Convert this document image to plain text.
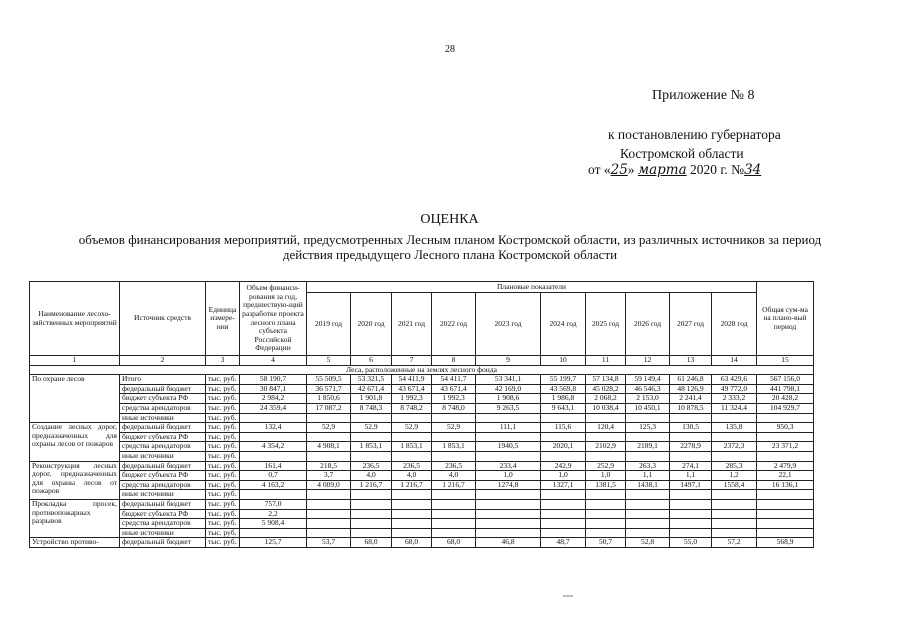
28
Приложение № 8
к постановлению губернатора
Костромской области
от «25» марта 2020 г. №34
ОЦЕНКА
объемов финансирования мероприятий, предусмотренных Лесным планом Костромской области, из различных источников за период действия предыдущего Лесного плана Костромской области
Наименование лесохо-зяйственных мероприятий	Источник средств	Единица измере-ния	Объем финанси-рования за год, предшествую-щий разработке проекта лесного плана субъекта Российской Федерации	Плановые показатели										Общая сум-ма на плано-вый период
				2019 год	2020 год	2021 год	2022 год	2023 год	2024 год	2025 год	2026 год	2027 год	2028 год	
1	2	3	4	5	6	7	8	9	10	11	12	13	14	15
Леса, расположенные на землях лесного фонда														
По охране лесов	Итого	тыс. руб.	58 190,7	55 509,5	53 321,5	54 411,9	54 411,7	53 341,1	55 199,7	57 134,8	59 149,4	61 246,8	63 429,6	567 156,0
	федеральный бюджет	тыс. руб.	30 847,1	36 571,7	42 671,4	43 671,4	43 671,4	42 169,0	43 569,8	45 028,2	46 546,3	48 126,9	49 772,0	441 798,1
	бюджет субъекта РФ	тыс. руб.	2 984,2	1 850,6	1 901,8	1 992,3	1 992,3	1 908,6	1 986,8	2 068,2	2 153,0	2 241,4	2 333,2	20 428,2
	средства арендаторов	тыс. руб.	24 359,4	17 087,2	8 748,3	8 748,2	8 748,0	9 263,5	9 643,1	10 038,4	10 450,1	10 878,5	11 324,4	104 929,7
	иные источники	тыс. руб.												
Создание лесных дорог, предназначенных для охраны лесов от пожаров	федеральный бюджет	тыс. руб.	132,4	52,9	52,9	52,9	52,9	111,1	115,6	120,4	125,3	130,5	135,8	950,3
	бюджет субъекта РФ	тыс. руб.												
	средства арендаторов	тыс. руб.	4 354,2	4 908,1	1 853,1	1 853,1	1 853,1	1940,5	2020,1	2102,9	2189,1	2278,9	2372,3	23 371,2
	иные источники	тыс. руб.												
Реконструкция лесных дорог, предназначенных для охраны лесов от пожаров	федеральный бюджет	тыс. руб.	161,4	218,5	236,5	236,5	236,5	233,4	242,9	252,9	263,3	274,1	285,3	2 479,9
	бюджет субъекта РФ	тыс. руб.	0,7	3,7	4,0	4,0	4,0	1,0	1,0	1,0	1,1	1,1	1,2	22,1
	средства арендаторов	тыс. руб.	4 163,2	4 009,0	1 216,7	1 216,7	1 216,7	1274,8	1327,1	1381,5	1438,1	1497,1	1558,4	16 136,1
	иные источники	тыс. руб.												
Прокладка просек, противопожарных разрывов	федеральный бюджет	тыс. руб.	757,0											
	бюджет субъекта РФ	тыс. руб.	2,2											
	средства арендаторов	тыс. руб.	5 908,4											
	иные источники	тыс. руб.												
Устройство противо-	федеральный бюджет	тыс. руб.	125,7	53,7	68,0	68,0	68,0	46,8	48,7	50,7	52,8	55,0	57,2	568,9
